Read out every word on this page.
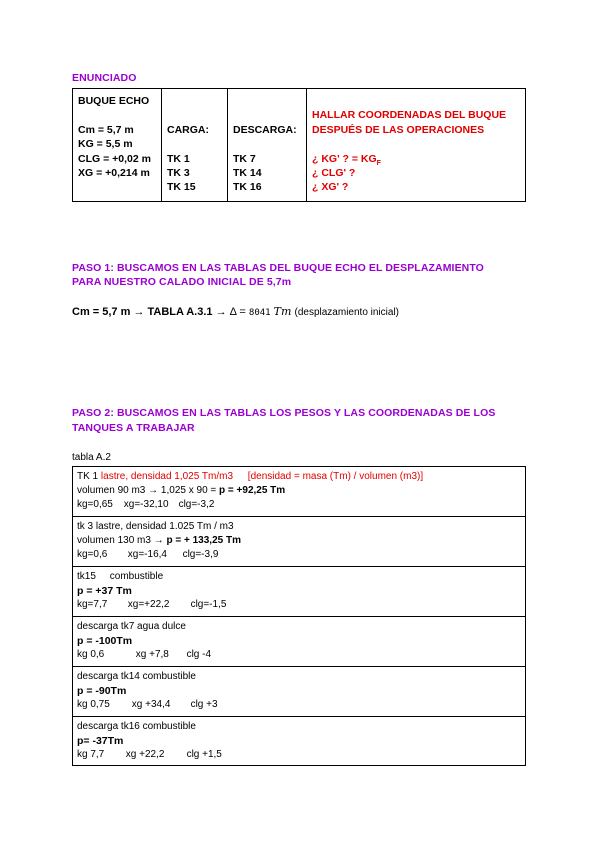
ENUNCIADO
BUQUE ECHO
Cm = 5,7 m
KG = 5,5 m
CLG = +0,02 m
XG = +0,214 m
CARGA:
TK 1
TK 3
TK 15
DESCARGA:
TK 7
TK 14
TK 16
HALLAR COORDENADAS DEL BUQUE
DESPUÉS DE LAS OPERACIONES
¿ KG' ? = $KG_F$
¿ CLG' ?
¿ XG' ?
PASO 1: BUSCAMOS EN LAS TABLAS DEL BUQUE ECHO EL DESPLAZAMIENTO
PARA NUESTRO CALADO INICIAL DE 5,7m
Cm = 5,7 m → TABLA A.3.1 → Δ = 8041 Tm (desplazamiento inicial)
PASO 2: BUSCAMOS EN LAS TABLAS LOS PESOS Y LAS COORDENADAS DE LOS
TANQUES A TRABAJAR
tabla A.2
TK 1 lastre, densidad 1,025 Tm/m3 [densidad = masa (Tm) / volumen (m3)]
volumen 90 m3 → 1,025 x 90 = p = +92,25 Tm
kg=0,65 xg=-32,10 clg=-3,2
tk 3 lastre, densidad 1.025 Tm / m3
volumen 130 m3 → p = + 133,25 Tm
kg=0,6 xg=-16,4 clg=-3,9
tk15     combustible
p = +37 Tm
kg=7,7 xg=+22,2 clg=-1,5
descarga tk7 agua dulce
p = -100Tm
kg 0,6	xg +7,8 clg -4
descarga tk14 combustible
p = -90Tm
kg 0,75 xg +34,4 clg +3
descarga tk16 combustible
p= -37Tm
kg 7,7 xg +22,2 clg +1,5
